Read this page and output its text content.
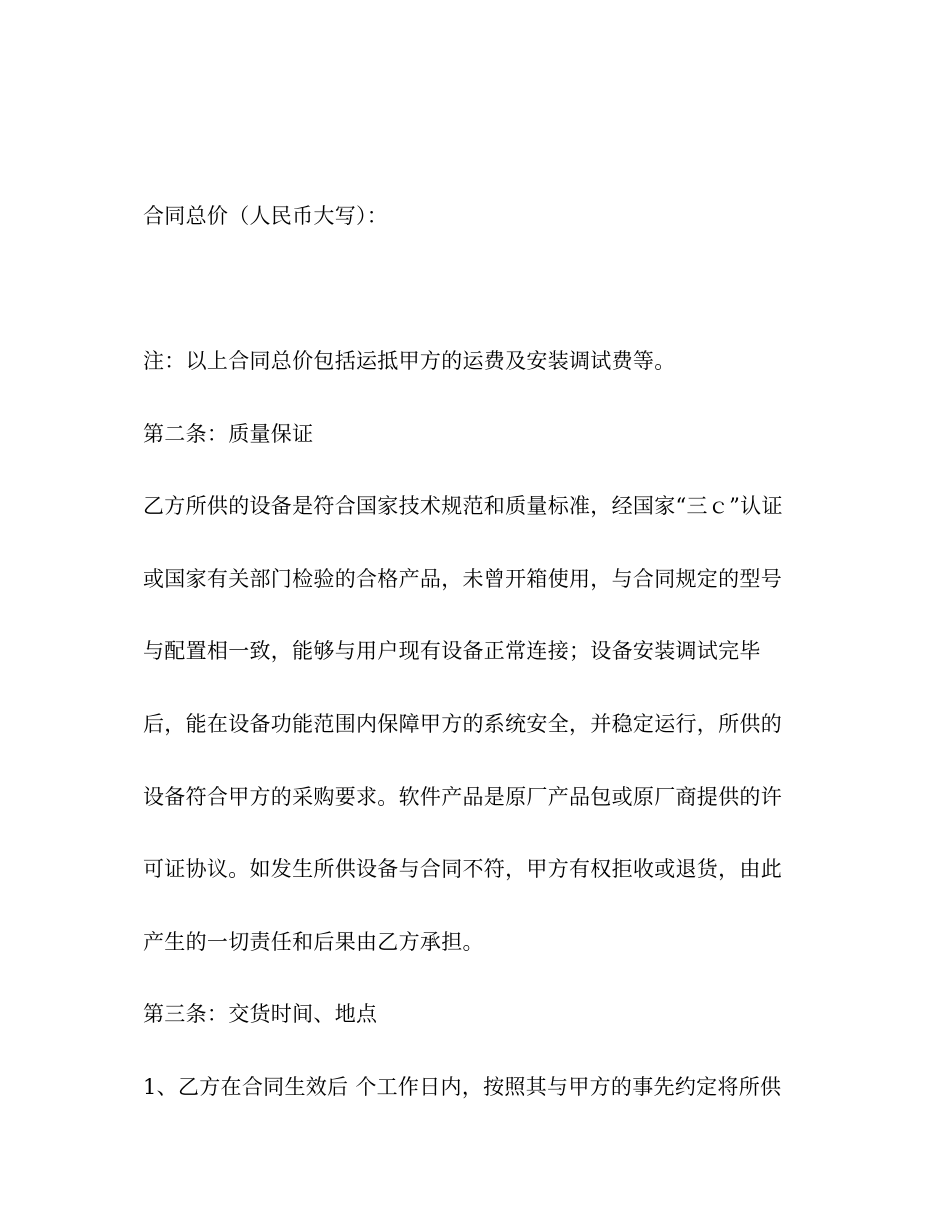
合同总价（人民币大写）：

注：以上合同总价包括运抵甲方的运费及安装调试费等。

第二条：质量保证

乙方所供的设备是符合国家技术规范和质量标准，经国家“三ｃ”认证

或国家有关部门检验的合格产品，未曾开箱使用，与合同规定的型号

与配置相一致，能够与用户现有设备正常连接；设备安装调试完毕

后，能在设备功能范围内保障甲方的系统安全，并稳定运行，所供的

设备符合甲方的采购要求。软件产品是原厂产品包或原厂商提供的许

可证协议。如发生所供设备与合同不符，甲方有权拒收或退货，由此

产生的一切责任和后果由乙方承担。

第三条：交货时间、地点

1、乙方在合同生效后 个工作日内，按照其与甲方的事先约定将所供
